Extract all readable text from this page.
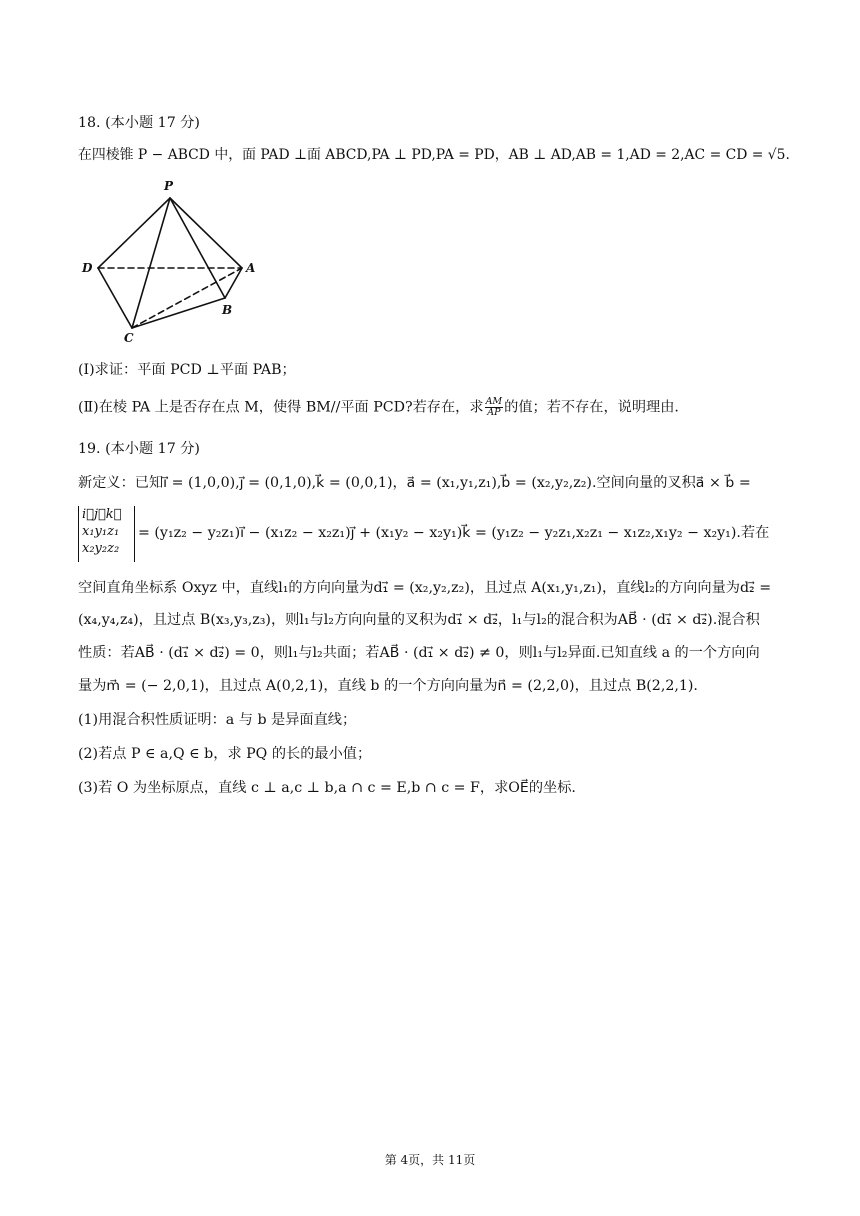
18. (本小题 17 分)
在四棱锥 P − ABCD 中，面 PAD ⊥面 ABCD,PA ⊥ PD,PA = PD，AB ⊥ AD,AB = 1,AD = 2,AC = CD = √5.
P
D	A
B
C
(Ⅰ)求证：平面 PCD ⊥平面 PAB；
(Ⅱ)在棱 PA 上是否存在点 M，使得 BM//平面 PCD?若存在，求 $\frac{AM}{AP}$ 的值；若不存在，说明理由.
19. (本小题 17 分)
新定义：已知i⃗ = (1,0,0),j⃗ = (0,1,0),k⃗ = (0,0,1)，a⃗ = (x₁,y₁,z₁),b⃗ = (x₂,y₂,z₂).空间向量的叉积a⃗ × b⃗ =
i⃗j⃗k⃗
x₁y₁z₁
x₂y₂z₂
= (y₁z₂ − y₂z₁)i⃗ − (x₁z₂ − x₂z₁)j⃗ + (x₁y₂ − x₂y₁)k⃗ = (y₁z₂ − y₂z₁,x₂z₁ − x₁z₂,x₁y₂ − x₂y₁).若在
空间直角坐标系 Oxyz 中，直线l₁的方向向量为d₁⃗ = (x₂,y₂,z₂)，且过点 A(x₁,y₁,z₁)，直线l₂的方向向量为d₂⃗ =
(x₄,y₄,z₄)，且过点 B(x₃,y₃,z₃)，则l₁与l₂方向向量的叉积为d₁⃗ × d₂⃗，l₁与l₂的混合积为AB⃗ · (d₁⃗ × d₂⃗).混合积
性质：若AB⃗ · (d₁⃗ × d₂⃗) = 0，则l₁与l₂共面；若AB⃗ · (d₁⃗ × d₂⃗) ≠ 0，则l₁与l₂异面.已知直线 a 的一个方向向
量为m⃗ = (− 2,0,1)，且过点 A(0,2,1)，直线 b 的一个方向向量为n⃗ = (2,2,0)，且过点 B(2,2,1).
(1)用混合积性质证明：a 与 b 是异面直线；
(2)若点 P ∈ a,Q ∈ b，求 PQ 的长的最小值；
(3)若 O 为坐标原点，直线 c ⊥ a,c ⊥ b,a ∩ c = E,b ∩ c = F，求OE⃗的坐标.
第 4页，共 11页
